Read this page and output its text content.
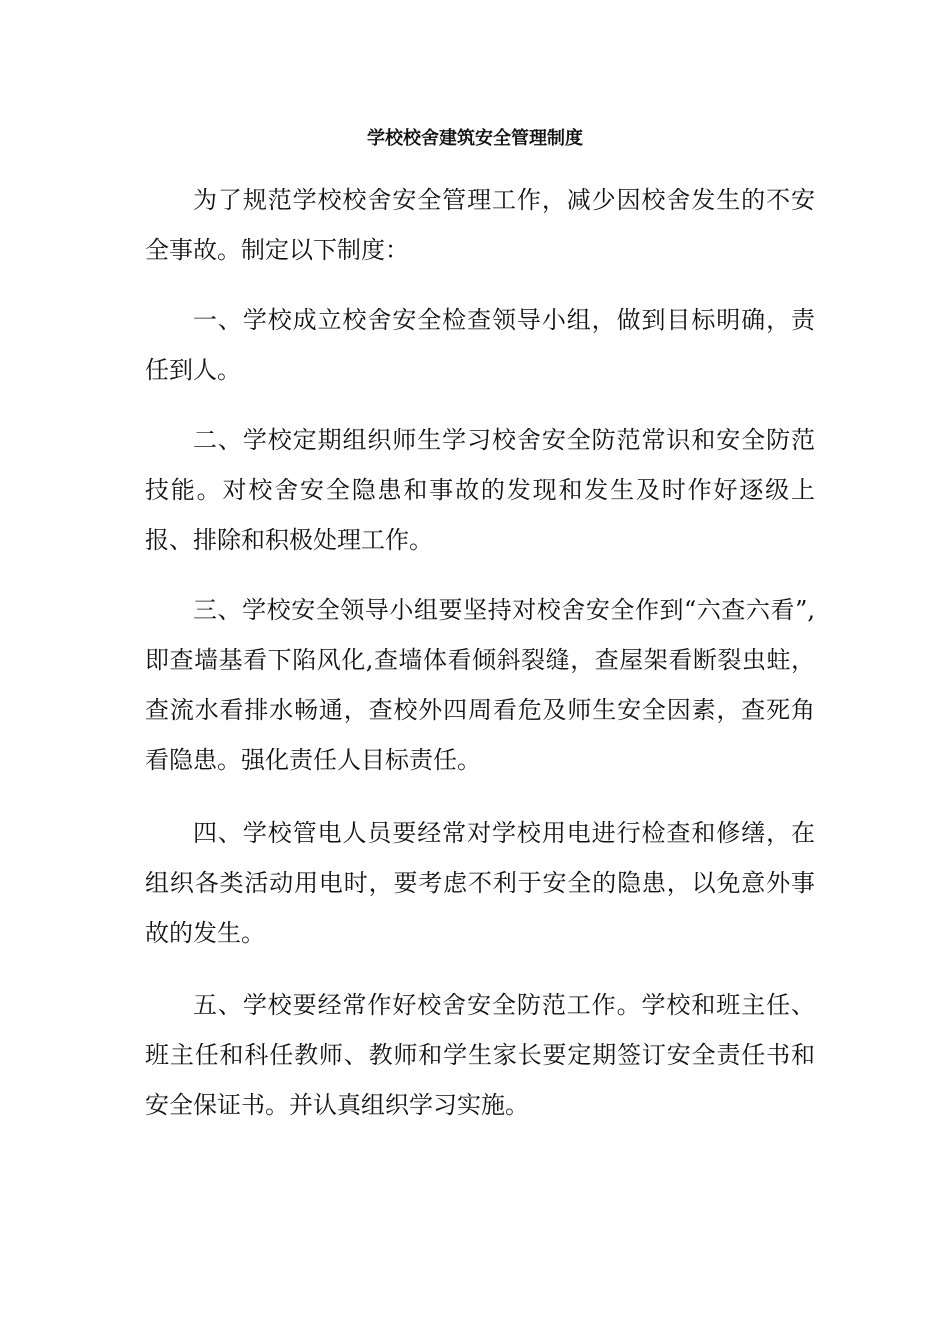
学校校舍建筑安全管理制度

为了规范学校校舍安全管理工作，减少因校舍发生的不安全事故。制定以下制度：

一、学校成立校舍安全检查领导小组，做到目标明确，责任到人。

二、学校定期组织师生学习校舍安全防范常识和安全防范技能。对校舍安全隐患和事故的发现和发生及时作好逐级上报、排除和积极处理工作。

三、学校安全领导小组要坚持对校舍安全作到“六查六看”,即查墙基看下陷风化,查墙体看倾斜裂缝，查屋架看断裂虫蛀，查流水看排水畅通，查校外四周看危及师生安全因素，查死角看隐患。强化责任人目标责任。

四、学校管电人员要经常对学校用电进行检查和修缮，在组织各类活动用电时，要考虑不利于安全的隐患，以免意外事故的发生。

五、学校要经常作好校舍安全防范工作。学校和班主任、班主任和科任教师、教师和学生家长要定期签订安全责任书和安全保证书。并认真组织学习实施。
